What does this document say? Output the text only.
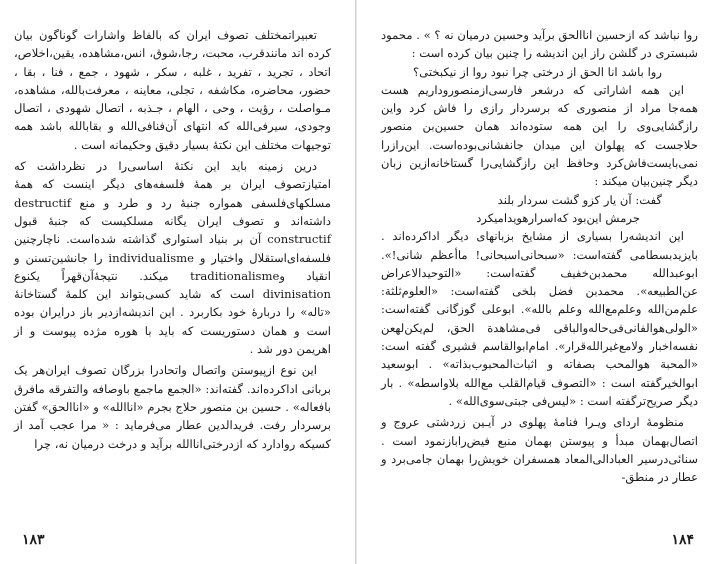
تعبیراتمختلف تصوف ایران که بالفاظ واشارات گوناگون بیان کرده اند مانندقرب، محبت، رجا،شوق، انس،مشاهده، یقین،اخلاص، اتحاد ، تجرید ، تفرید ، غلبه ، سکر ، شهود ، جمع ، فنا ، بقا ، حضور، محاضره، مکاشفه ، تجلی، معاینه ، معرفت‌بالله، مشاهده، مـواصلت ، رؤیت ، وحی ، الهام ، جـذبه ، اتصال شهودی ، اتصال وجودی، سیرفی‌الله که انتهای آن‌فنافی‌الله و بقابالله باشد همه توجیهات مختلف این نکتهٔ بسیار دقیق وحکیمانه است .

درین زمینه باید این نکتهٔ اساسی‌را در نظرداشت که امتیازتصوف ایران بر همهٔ فلسفه‌های دیگر اینست که همهٔ مسلکهای‌فلسفی همواره جنبهٔ رد و طرد و منع destructif داشته‌اند و تصوف ایران یگانه مسلکیست که جنبهٔ قبول constructif آن بر بنیاد استواری گذاشته شده‌است. ناچارچنین فلسفه‌ای‌استقلال واختیار و individualisme را جانشین‌تسنن و انقیاد وtraditionalisme میکند. نتیجهٔ‌آن‌قهراً یکنوع divinisation است که شاید کسی‌بتواند این کلمهٔ گستاخانهٔ «تاله» را دربارهٔ خود بکاربرد . این اندیشه‌ازدیر باز در‌ایران بوده است و همان دستوریست که باید با هوره مژده پیوست و از اهریمن دور شد .

این نوع ازپیوستن واتصال واتحادرا بزرگان تصوف ایران‌هر یک بربانی اداکرده‌اند. گفته‌اند: «الجمع ماجمع باوصافه والتفرقه مافرق بافعاله» . حسین بن منصور حلاج بجرم «اناالله» و «اناالحق» گفتن برسردار رفت. فریدالدین عطار می‌فرماید : « مرا عجب آمد از کسیکه روادارد که ازدرختی‌اناالله برآید و درخت درمیان نه، چرا

۱۸۳

روا نباشد که ازحسین اناالحق برآید وحسین درمیان نه ؟ » . محمود شبستری در گلشن راز این اندیشه را چنین بیان کرده است :

روا باشد انا الحق از درختی چرا نبود روا از نیکبختی؟

این همه اشاراتی که درشعر فارسی‌ازمنصوروداریم هست همه‌جا مراد از منصوری که برسردار رازی را فاش کرد واین رازگشایی‌وی را این همه ستوده‌اند همان حسین‌بن منصور حلاجست که پهلوان این میدان جانفشانی‌بوده‌است. این‌رازرا نمی‌بایست‌فاش‌کرد وحافظ این رازگشایی‌را گستاخانه‌ازین زبان دیگر چنین‌بیان میکند :

گفت: آن یار کزو گشت سردار بلند

جرمش این‌بود که‌اسرارهویدامیکرد

این اندیشه‌را بسیاری از مشایخ بزبانهای دیگر اداکرده‌اند . بایزیدبسطامی گفته‌است: «سبحانی‌اسبحانی! ماأعظم شانی!». ابوعبدالله محمدبن‌خفیف گفته‌است: «التوحیدالاعراض عن‌الطبیعه». محمدبن فضل بلخی گفته‌است: «العلوم‌ثلثة: علم‌من‌الله وعلم‌مع‌الله وعلم بالله». ابوعلی گوزگانی گفته‌است: «الولی‌هوالفانی‌فی‌حاله‌والباقی فی‌مشاهدة الحق، لم‌یکن‌لهعن نفسه‌اخبار ولامع‌غیرالله‌قرار». امام‌ابوالقاسم قشیری گفته است: «المحبة هوالمحب بصفاته و اثبات‌المحبوب‌بذاته» . ابوسعید ابوالخیرگفته است : «التصوف قیام‌القلب مع‌الله بلاواسطه» . بار دیگر صریح‌ترگفته است : «لیس‌فی جبتی‌سوی‌الله» .

منظومهٔ اردای ویـرا فنامهٔ پهلوی در آیـین زردشتی عروج و اتصال‌بهمان مبدأ و پیوستن بهمان منبع فیض‌رابازنمود است . سنائی‌درسیر العبادالی‌المعاد همسفران خویش‌را بهمان جامی‌برد و عطار در منطق-

۱۸۴
